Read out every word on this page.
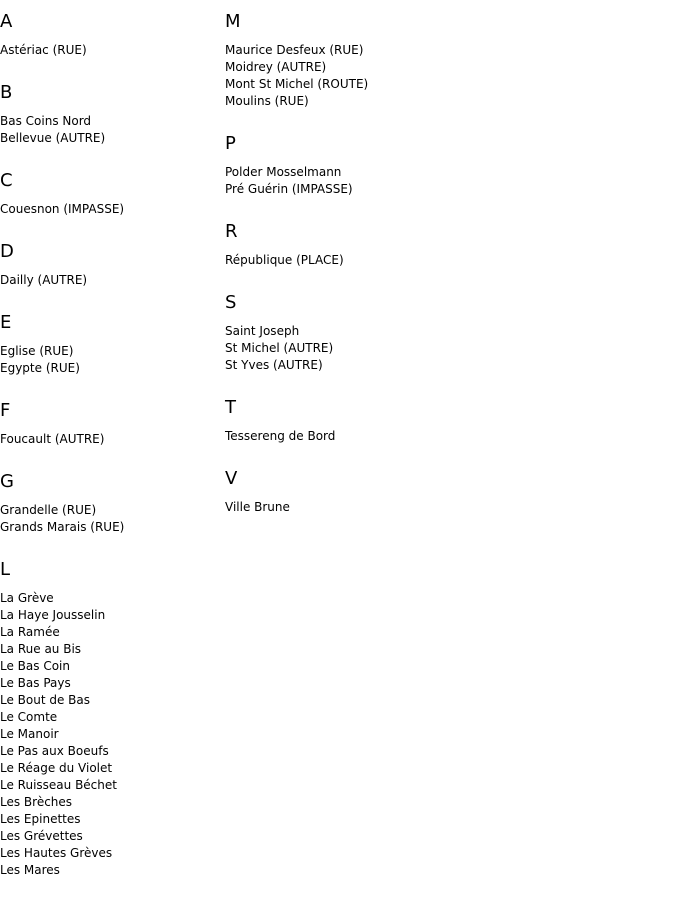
A
Astériac (RUE)
B
Bas Coins Nord
Bellevue (AUTRE)
C
Couesnon (IMPASSE)
D
Dailly (AUTRE)
E
Eglise (RUE)
Egypte (RUE)
F
Foucault (AUTRE)
G
Grandelle (RUE)
Grands Marais (RUE)
L
La Grève
La Haye Jousselin
La Ramée
La Rue au Bis
Le Bas Coin
Le Bas Pays
Le Bout de Bas
Le Comte
Le Manoir
Le Pas aux Boeufs
Le Réage du Violet
Le Ruisseau Béchet
Les Brèches
Les Epinettes
Les Grévettes
Les Hautes Grèves
Les Mares
M
Maurice Desfeux (RUE)
Moidrey (AUTRE)
Mont St Michel (ROUTE)
Moulins (RUE)
P
Polder Mosselmann
Pré Guérin (IMPASSE)
R
République (PLACE)
S
Saint Joseph
St Michel (AUTRE)
St Yves (AUTRE)
T
Tessereng de Bord
V
Ville Brune
